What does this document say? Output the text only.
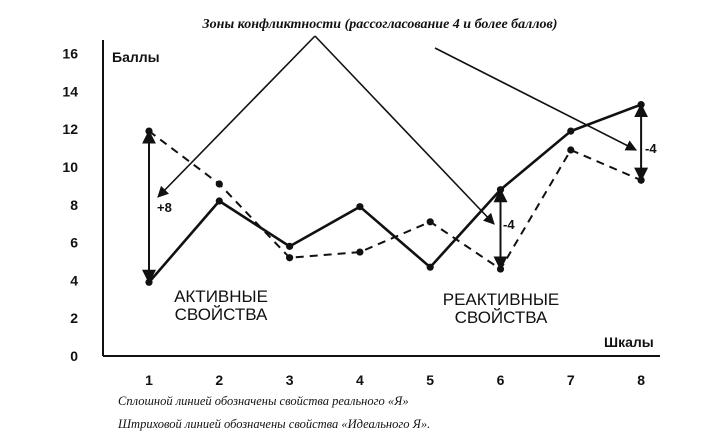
Зоны конфликтности (рассогласование 4 и более баллов)
Баллы
Шкалы
0
2
4
6
8
10
12
14
16
1	2	3	4	5	6	7	8
+8
-4
-4
АКТИВНЫЕ
СВОЙСТВА
РЕАКТИВНЫЕ
СВОЙСТВА
Сплошной линией обозначены свойства реального «Я»
Штриховой линией обозначены свойства «Идеального Я».
